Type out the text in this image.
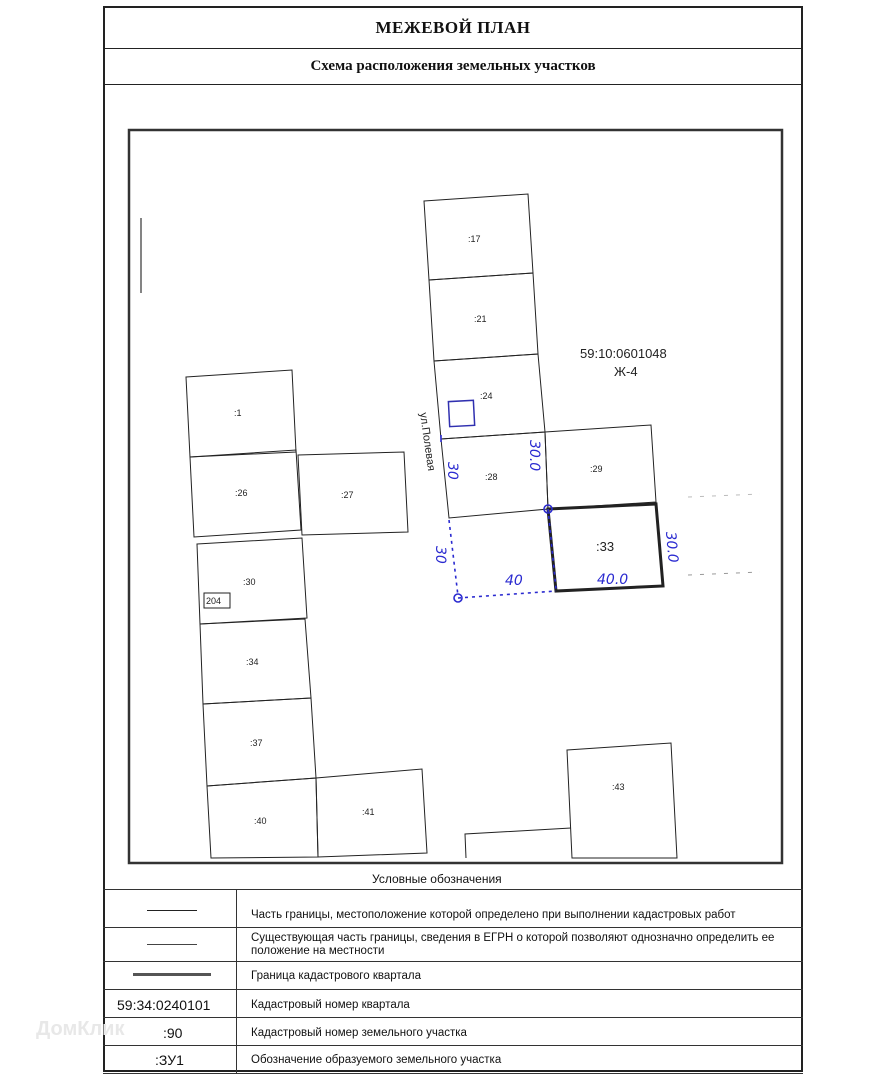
МЕЖЕВОЙ ПЛАН
Схема расположения земельных участков
:17
:21
:24
:28
:29
:33
:1
:26	:27
:30
:34
:37
:40
:41
:43
204
59:10:0601048
Ж-4
ул.Полевая
30.0
40.0
30
40
30.0
30
Условные обозначения
Часть границы, местоположение которой определено при выполнении кадастровых работ
Существующая часть границы, сведения в ЕГРН о которой позволяют однозначно определить ее положение на местности
Граница кадастрового квартала
59:34:0240101	Кадастровый номер квартала
:90	Кадастровый номер земельного участка
:ЗУ1	Обозначение образуемого земельного участка
ДомКлик
